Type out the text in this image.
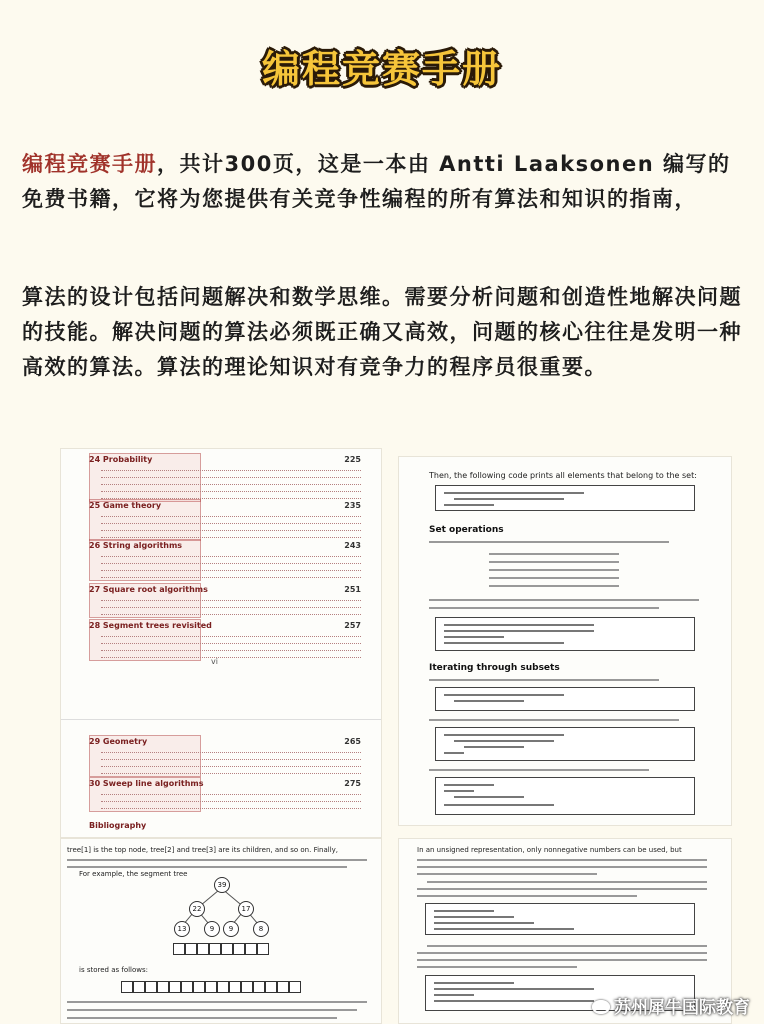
编程竞赛手册
编程竞赛手册，共计300页，这是一本由 Antti Laaksonen 编写的免费书籍，它将为您提供有关竞争性编程的所有算法和知识的指南，
算法的设计包括问题解决和数学思维。需要分析问题和创造性地解决问题的技能。解决问题的算法必须既正确又高效，问题的核心往往是发明一种高效的算法。算法的理论知识对有竞争力的程序员很重要。
24 Probability	225
25 Game theory	235
26 String algorithms	243
27 Square root algorithms	251
28 Segment trees revisited	257
29 Geometry	265
30 Sweep line algorithms	275
vi
Bibliography
Then, the following code prints all elements that belong to the set:
Set operations
Iterating through subsets
tree[1] is the top node, tree[2] and tree[3] are its children, and so on. Finally,
For example, the segment tree
39
22	17
13	9	9	8
is stored as follows:
In an unsigned representation, only nonnegative numbers can be used, but
苏州犀牛国际教育
